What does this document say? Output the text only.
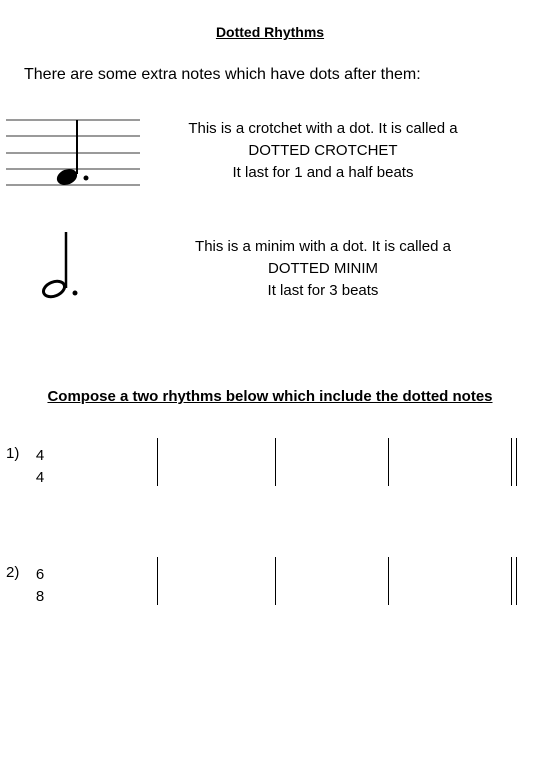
Dotted Rhythms

There are some extra notes which have dots after them:

This is a crotchet with a dot. It is called a
DOTTED CROTCHET
It last for 1 and a half beats

This is a minim with a dot. It is called a
DOTTED MINIM
It last for 3 beats

Compose a two rhythms below which include the dotted notes

1) 4
4
2) 6
8
